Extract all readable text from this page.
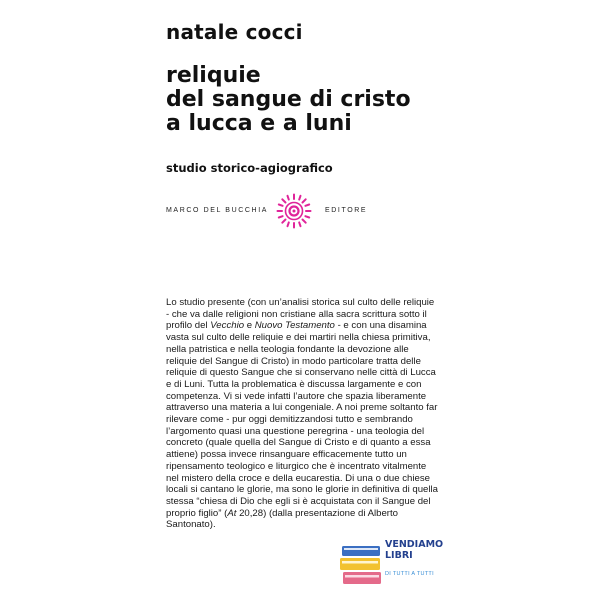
natale cocci
reliquie
del sangue di cristo
a lucca e a luni
studio storico-agiografico
MARCO DEL BUCCHIA	EDITORE
Lo studio presente (con un’analisi storica sul culto delle reliquie - che va dalle religioni non cristiane alla sacra scrittura sotto il profilo del Vecchio e Nuovo Testamento - e con una disamina vasta sul culto delle reliquie e dei martiri nella chiesa primitiva, nella patristica e nella teologia fondante la devozione alle reliquie del Sangue di Cristo) in modo particolare tratta delle reliquie di questo Sangue che si conservano nelle città di Lucca e di Luni. Tutta la problematica è discussa largamente e con competenza. Vi si vede infatti l’autore che spazia liberamente attraverso una materia a lui congeniale. A noi preme soltanto far rilevare come - pur oggi demitizzandosi tutto e sembrando l’argomento quasi una questione peregrina - una teologia del concreto (quale quella del Sangue di Cristo e di quanto a essa attiene) possa invece rinsanguare efficacemente tutto un ripensamento teologico e liturgico che è incentrato vitalmente nel mistero della croce e della eucarestia. Di una o due chiese locali si cantano le glorie, ma sono le glorie in definitiva di quella stessa “chiesa di Dio che egli si è acquistata con il Sangue del proprio figlio” (At 20,28) (dalla presentazione di Alberto Santonato).
VENDIAMO
LIBRI
DI TUTTI A TUTTI
